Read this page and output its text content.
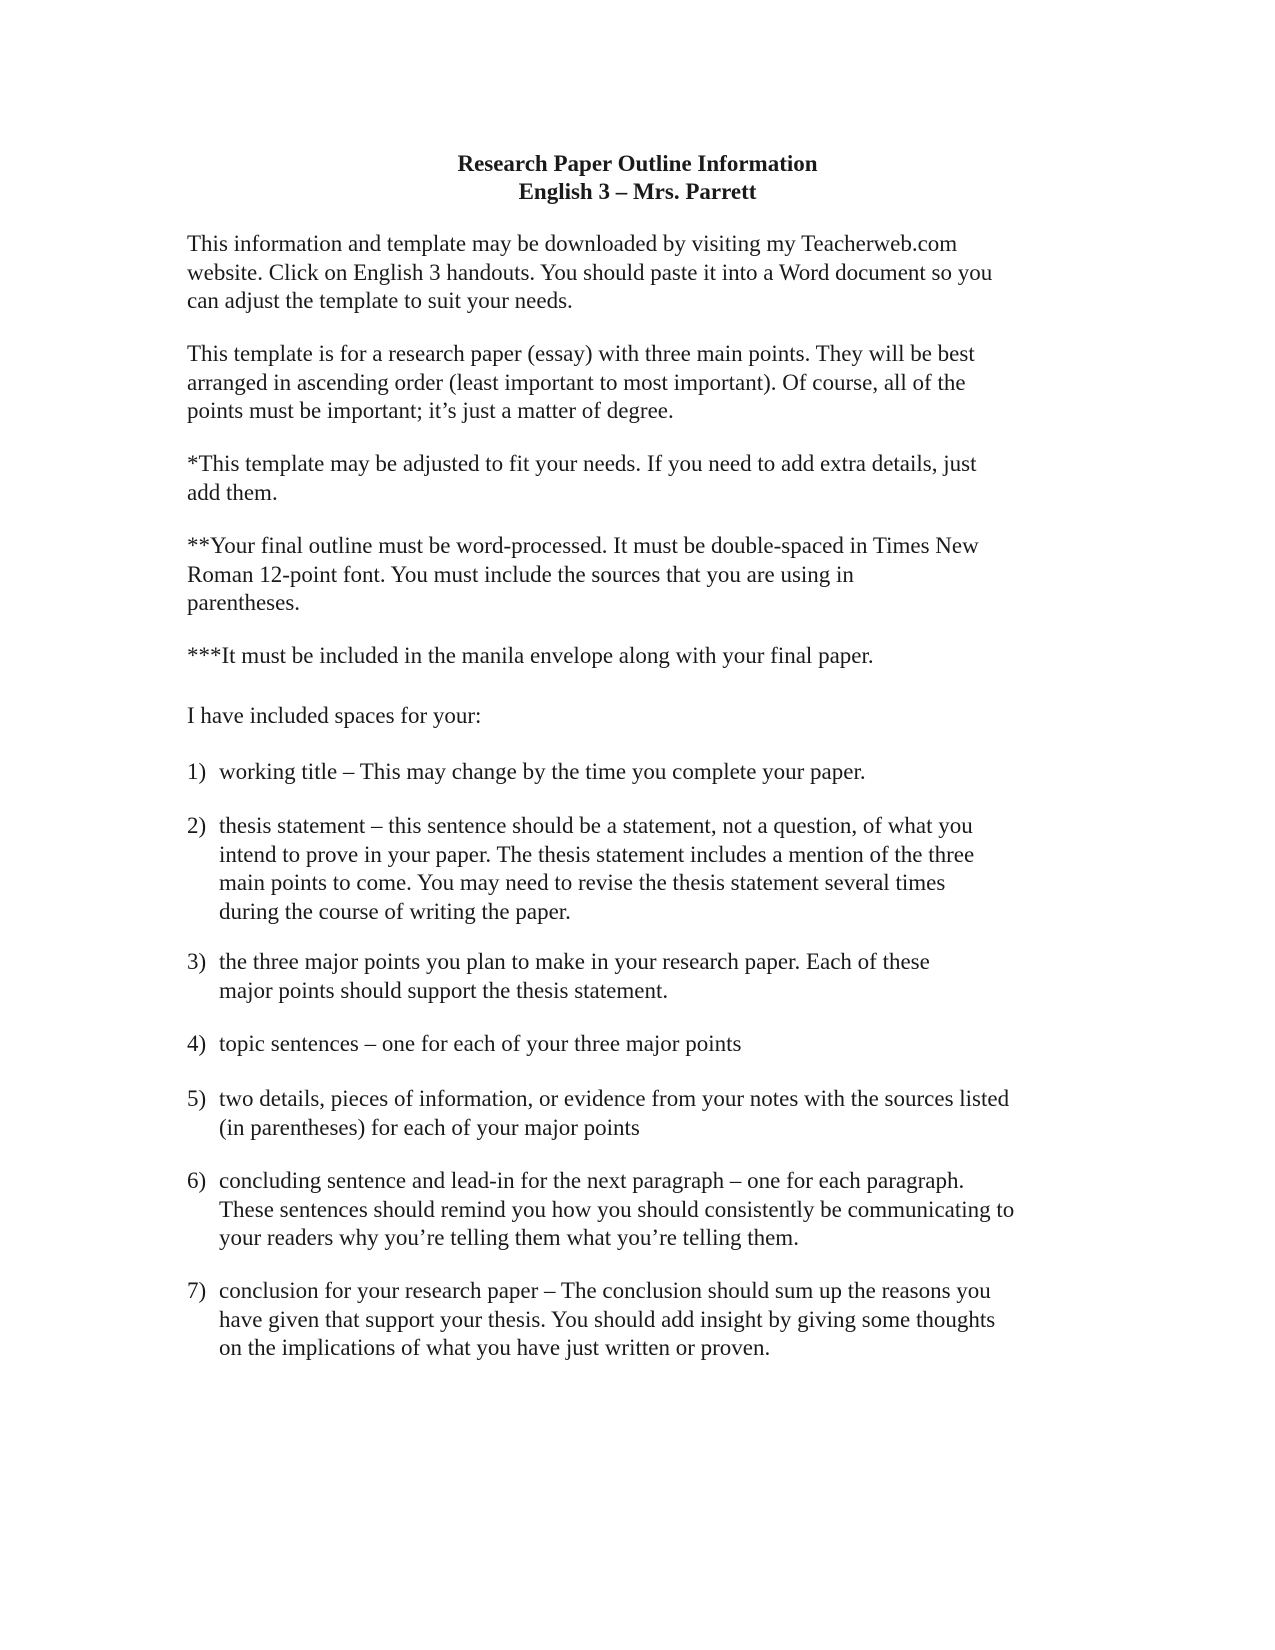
Research Paper Outline Information
English 3 – Mrs. Parrett

This information and template may be downloaded by visiting my Teacherweb.com
website. Click on English 3 handouts. You should paste it into a Word document so you
can adjust the template to suit your needs.

This template is for a research paper (essay) with three main points. They will be best
arranged in ascending order (least important to most important). Of course, all of the
points must be important; it’s just a matter of degree.

*This template may be adjusted to fit your needs. If you need to add extra details, just
add them.

**Your final outline must be word-processed. It must be double-spaced in Times New
Roman 12-point font. You must include the sources that you are using in
parentheses.

***It must be included in the manila envelope along with your final paper.

I have included spaces for your:

1) working title – This may change by the time you complete your paper.
2) thesis statement – this sentence should be a statement, not a question, of what you
intend to prove in your paper. The thesis statement includes a mention of the three
main points to come. You may need to revise the thesis statement several times
during the course of writing the paper.
3) the three major points you plan to make in your research paper. Each of these
major points should support the thesis statement.
4) topic sentences – one for each of your three major points
5) two details, pieces of information, or evidence from your notes with the sources listed
(in parentheses) for each of your major points
6) concluding sentence and lead-in for the next paragraph – one for each paragraph.
These sentences should remind you how you should consistently be communicating to
your readers why you’re telling them what you’re telling them.
7) conclusion for your research paper – The conclusion should sum up the reasons you
have given that support your thesis. You should add insight by giving some thoughts
on the implications of what you have just written or proven.
